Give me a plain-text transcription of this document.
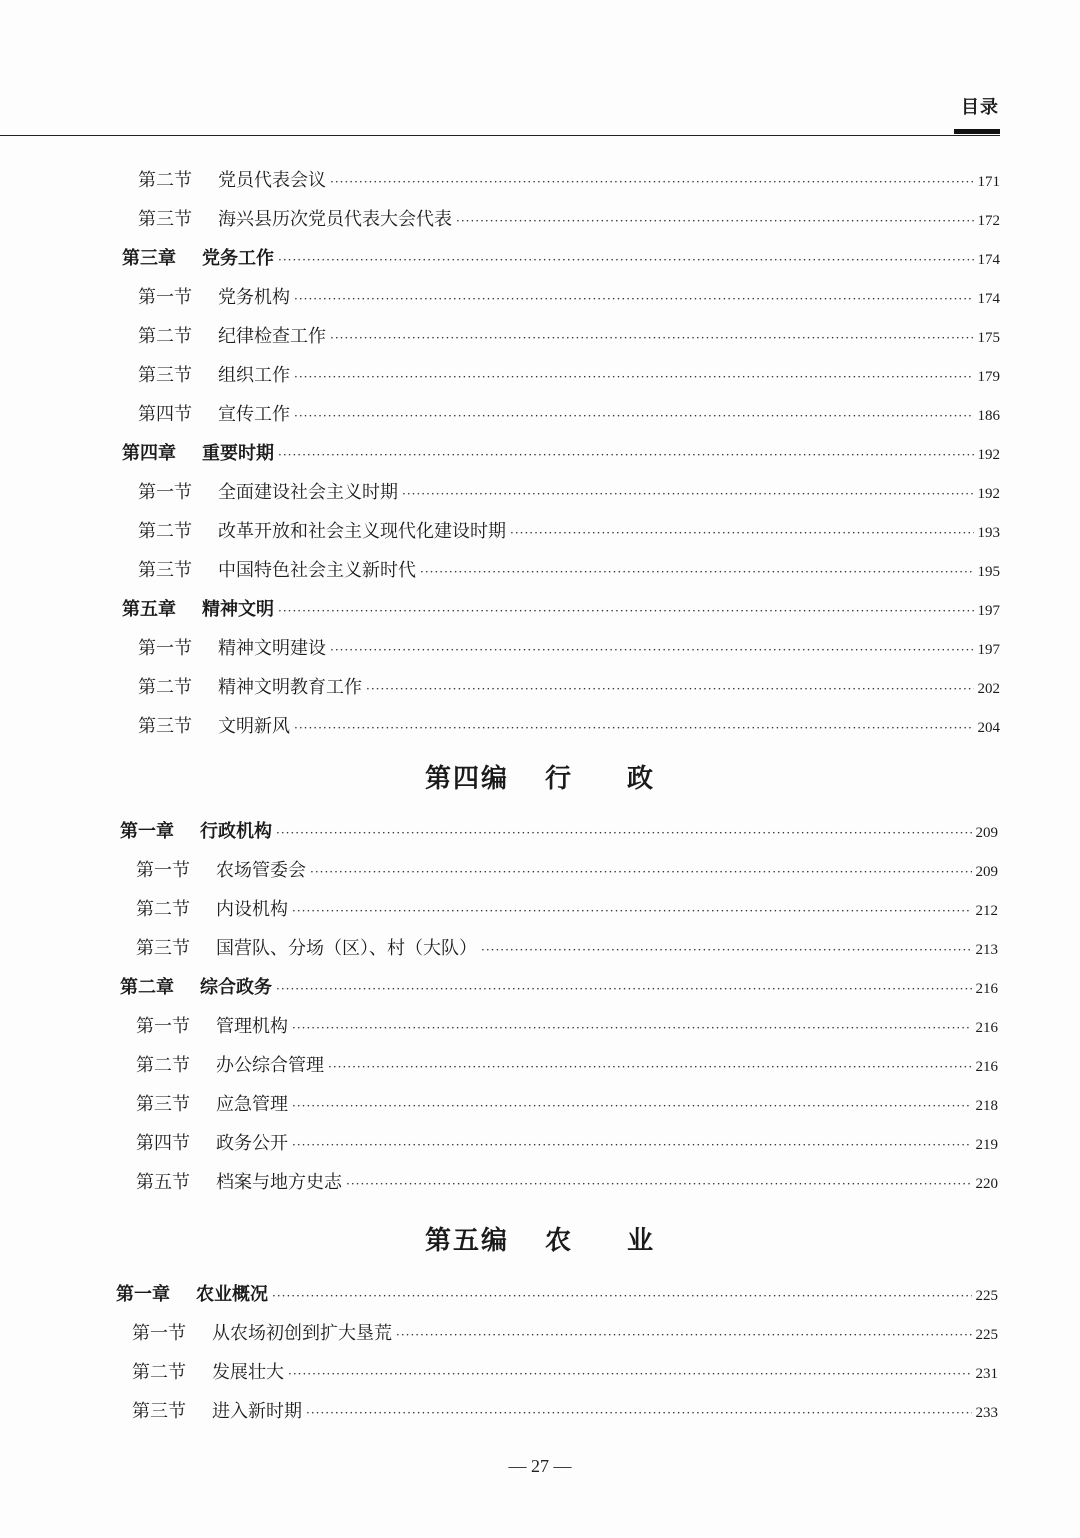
目录
第二节	党员代表会议 ·····	171
第三节	海兴县历次党员代表大会代表 ·····	172
第三章	党务工作 ·····	174
第一节	党务机构 ·····	174
第二节	纪律检查工作 ·····	175
第三节	组织工作 ·····	179
第四节	宣传工作 ·····	186
第四章	重要时期 ·····	192
第一节	全面建设社会主义时期 ·····	192
第二节	改革开放和社会主义现代化建设时期 ·····	193
第三节	中国特色社会主义新时代 ·····	195
第五章	精神文明 ·····	197
第一节	精神文明建设 ·····	197
第二节	精神文明教育工作 ·····	202
第三节	文明新风 ·····	204
第四编 行 政
第一章	行政机构 ·····	209
第一节	农场管委会 ·····	209
第二节	内设机构 ·····	212
第三节	国营队、分场（区）、村（大队） ·····	213
第二章	综合政务 ·····	216
第一节	管理机构 ·····	216
第二节	办公综合管理 ·····	216
第三节	应急管理 ·····	218
第四节	政务公开 ·····	219
第五节	档案与地方史志 ·····	220
第五编 农 业
第一章	农业概况 ·····	225
第一节	从农场初创到扩大垦荒 ·····	225
第二节	发展壮大 ·····	231
第三节	进入新时期 ·····	233
— 27 —
